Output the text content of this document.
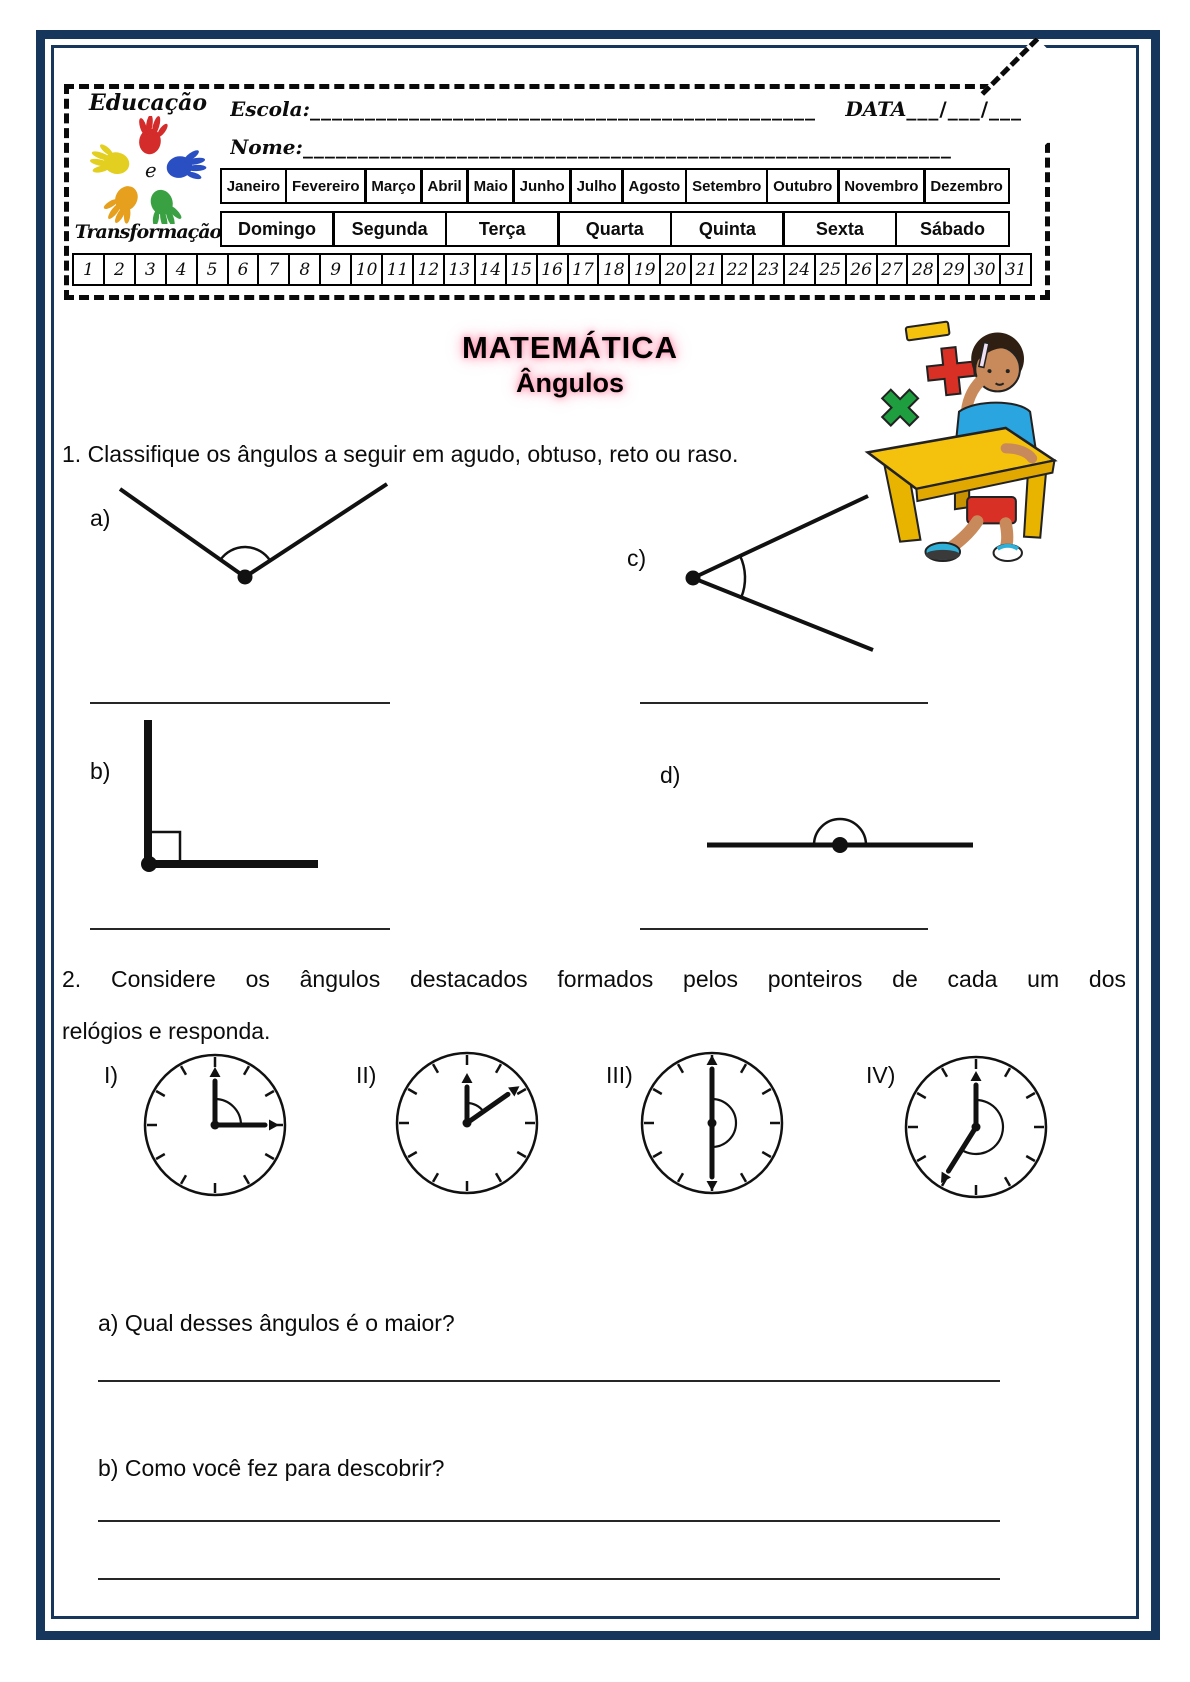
Educação
e
Transformação
Escola: ______________________________________________	DATA ___/___/___
Nome: ___________________________________________________________
Janeiro Fevereiro Março Abril Maio Junho Julho Agosto Setembro Outubro Novembro Dezembro
Domingo	Segunda	Terça	Quarta	Quinta	Sexta	Sábado
1	2	3	4	5	6	7	8	9 10 11 12 13 14 15 16 17 18 19 20 21 22 23 24 25 26 27 28 29 30 31
MATEMÁTICA
Ângulos
1. Classifique os ângulos a seguir em agudo, obtuso, reto ou raso.
a)
c)
b)	d)
2. Considere os ângulos destacados formados pelos ponteiros de cada um dos
relógios e responda.
I)	II)	III)	IV)
a) Qual desses ângulos é o maior?
b) Como você fez para descobrir?
